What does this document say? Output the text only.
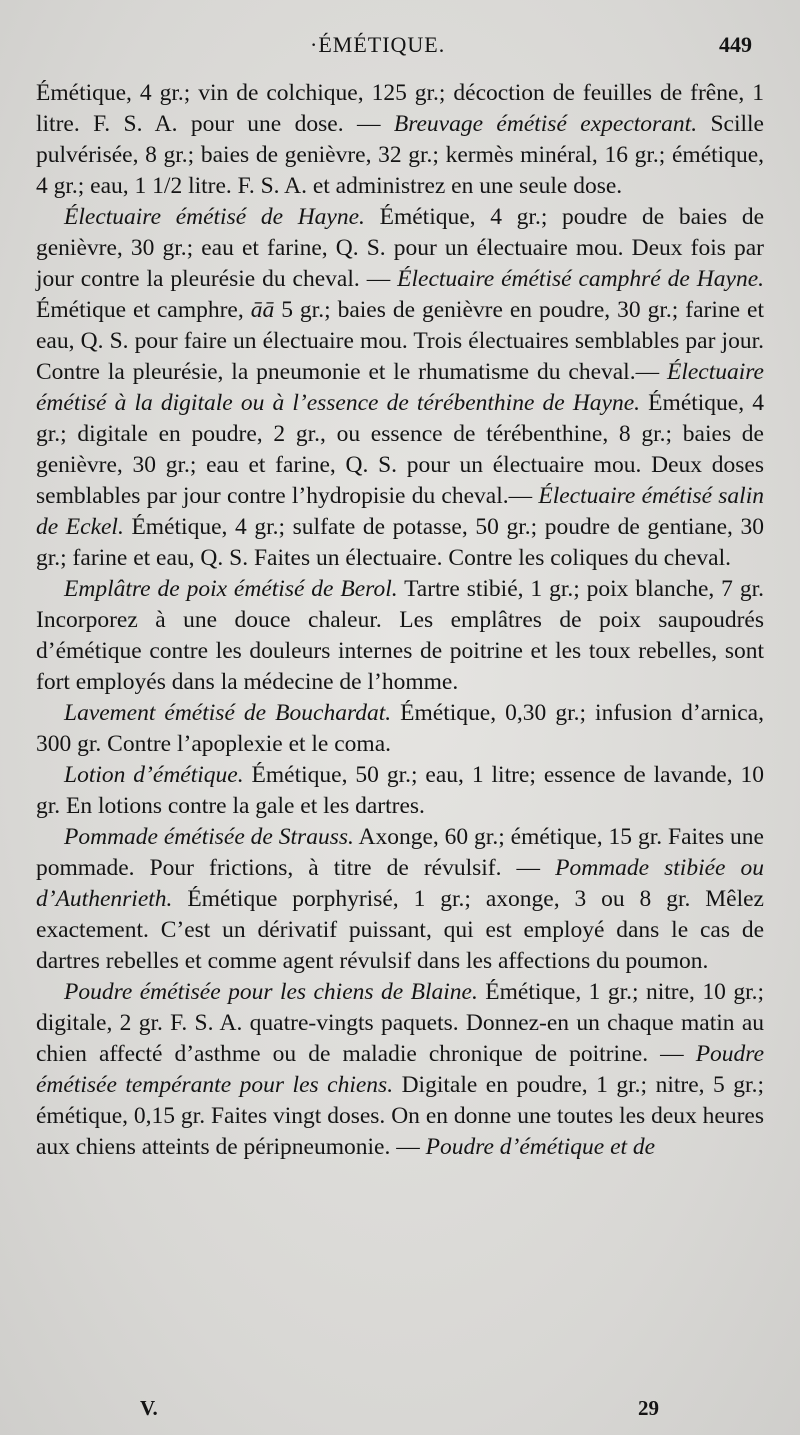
·ÉMÉTIQUE.	449

Émétique, 4 gr.; vin de colchique, 125 gr.; décoction de feuilles de frêne, 1 litre. F. S. A. pour une dose. — Breuvage émétisé expectorant. Scille pulvérisée, 8 gr.; baies de genièvre, 32 gr.; kermès minéral, 16 gr.; émétique, 4 gr.; eau, 1 1/2 litre. F. S. A. et administrez en une seule dose.

Électuaire émétisé de Hayne. Émétique, 4 gr.; poudre de baies de genièvre, 30 gr.; eau et farine, Q. S. pour un électuaire mou. Deux fois par jour contre la pleurésie du cheval. — Électuaire émétisé camphré de Hayne. Émétique et camphre, āā 5 gr.; baies de genièvre en poudre, 30 gr.; farine et eau, Q. S. pour faire un électuaire mou. Trois électuaires semblables par jour. Contre la pleurésie, la pneumonie et le rhumatisme du cheval.— Électuaire émétisé à la digitale ou à l’essence de térébenthine de Hayne. Émétique, 4 gr.; digitale en poudre, 2 gr., ou essence de térébenthine, 8 gr.; baies de genièvre, 30 gr.; eau et farine, Q. S. pour un électuaire mou. Deux doses semblables par jour contre l’hydropisie du cheval.— Électuaire émétisé salin de Eckel. Émétique, 4 gr.; sulfate de potasse, 50 gr.; poudre de gentiane, 30 gr.; farine et eau, Q. S. Faites un électuaire. Contre les coliques du cheval.

Emplâtre de poix émétisé de Berol. Tartre stibié, 1 gr.; poix blanche, 7 gr. Incorporez à une douce chaleur. Les emplâtres de poix saupoudrés d’émétique contre les douleurs internes de poitrine et les toux rebelles, sont fort employés dans la médecine de l’homme.

Lavement émétisé de Bouchardat. Émétique, 0,30 gr.; infusion d’arnica, 300 gr. Contre l’apoplexie et le coma.

Lotion d’émétique. Émétique, 50 gr.; eau, 1 litre; essence de lavande, 10 gr. En lotions contre la gale et les dartres.

Pommade émétisée de Strauss. Axonge, 60 gr.; émétique, 15 gr. Faites une pommade. Pour frictions, à titre de révulsif. — Pommade stibiée ou d’Authenrieth. Émétique porphyrisé, 1 gr.; axonge, 3 ou 8 gr. Mêlez exactement. C’est un dérivatif puissant, qui est employé dans le cas de dartres rebelles et comme agent révulsif dans les affections du poumon.

Poudre émétisée pour les chiens de Blaine. Émétique, 1 gr.; nitre, 10 gr.; digitale, 2 gr. F. S. A. quatre-vingts paquets. Donnez-en un chaque matin au chien affecté d’asthme ou de maladie chronique de poitrine. — Poudre émétisée tempérante pour les chiens. Digitale en poudre, 1 gr.; nitre, 5 gr.; émétique, 0,15 gr. Faites vingt doses. On en donne une toutes les deux heures aux chiens atteints de péripneumonie. — Poudre d’émétique et de

V.	29
